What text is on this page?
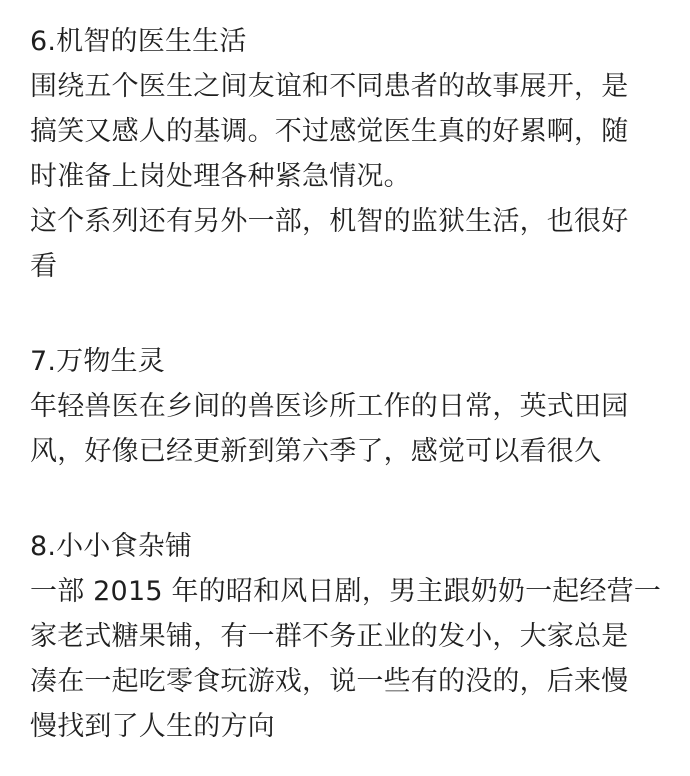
6.机智的医生生活
围绕五个医生之间友谊和不同患者的故事展开，是
搞笑又感人的基调。不过感觉医生真的好累啊，随
时准备上岗处理各种紧急情况。
这个系列还有另外一部，机智的监狱生活，也很好
看
7.万物生灵
年轻兽医在乡间的兽医诊所工作的日常，英式田园
风，好像已经更新到第六季了，感觉可以看很久
8.小小食杂铺
一部 2015 年的昭和风日剧，男主跟奶奶一起经营一
家老式糖果铺，有一群不务正业的发小，大家总是
凑在一起吃零食玩游戏，说一些有的没的，后来慢
慢找到了人生的方向
